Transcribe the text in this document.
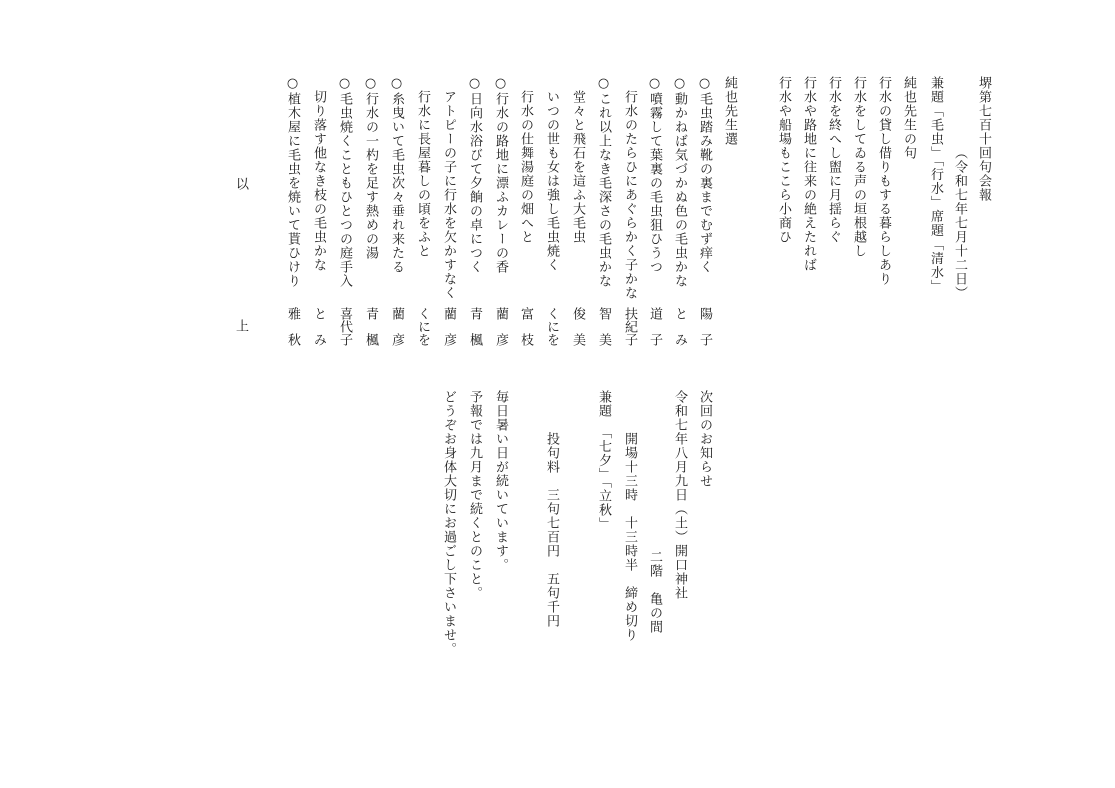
堺第七百十回句会報
（令和七年七月十二日）
兼題「毛虫」「行水」席題「清水」
純也先生の句
行水の貸し借りもする暮らしあり
行水をしてゐる声の垣根越し
行水を終へし盥に月揺らぐ
行水や路地に往来の絶えたれば
行水や船場もここら小商ひ
純也先生選
○毛虫踏み靴の裏までむず痒く
陽　子
○動かねば気づかぬ色の毛虫かな
と　み
○噴霧して葉裏の毛虫狙ひうつ
道　子
　行水のたらひにあぐらかく子かな
扶紀子
○これ以上なき毛深さの毛虫かな
智　美
　堂々と飛石を這ふ大毛虫
俊　美
　いつの世も女は強し毛虫焼く
くにを
　行水の仕舞湯庭の畑へと
富　枝
○行水の路地に漂ふカレーの香
藺　彦
○日向水浴びて夕餉の卓につく
青　楓
　アトピーの子に行水を欠かすなく
藺　彦
　行水に長屋暮しの頃をふと
くにを
○糸曳いて毛虫次々垂れ来たる
藺　彦
○行水の一杓を足す熱めの湯
青　楓
○毛虫焼くこともひとつの庭手入
喜代子
　切り落す他なき枝の毛虫かな
と　み
○植木屋に毛虫を焼いて貰ひけり
雅　秋
以
上
次回のお知らせ
令和七年八月九日（土）開口神社
二階　亀の間
開場十三時　十三時半　締め切り
兼題　「七夕」「立秋」
投句料　三句七百円　五句千円
毎日暑い日が続いています。
予報では九月まで続くとのこと。
どうぞお身体大切にお過ごし下さいませ。
